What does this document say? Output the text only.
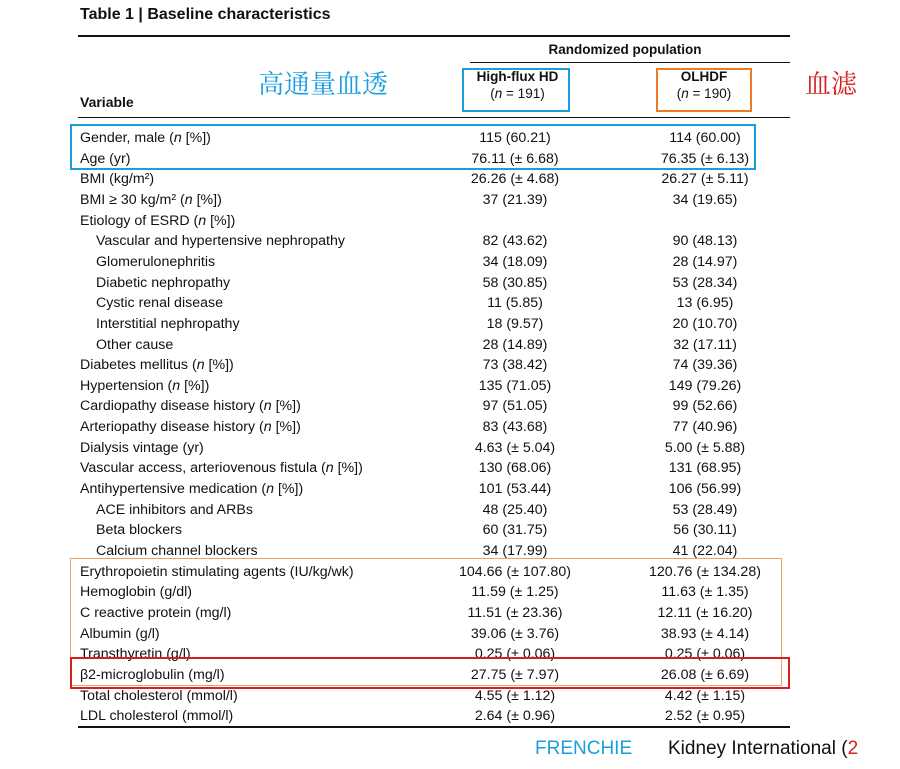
Table 1 | Baseline characteristics
Randomized population
High-flux HD
(n = 191)
OLHDF
(n = 190)
Variable
Gender, male (n [%])	115 (60.21)	114 (60.00)
Age (yr)	76.11 (± 6.68)	76.35 (± 6.13)
BMI (kg/m²)	26.26 (± 4.68)	26.27 (± 5.11)
BMI ≥ 30 kg/m² (n [%])	37 (21.39)	34 (19.65)
Etiology of ESRD (n [%])
Vascular and hypertensive nephropathy	82 (43.62)	90 (48.13)
Glomerulonephritis	34 (18.09)	28 (14.97)
Diabetic nephropathy	58 (30.85)	53 (28.34)
Cystic renal disease	11 (5.85)	13 (6.95)
Interstitial nephropathy	18 (9.57)	20 (10.70)
Other cause	28 (14.89)	32 (17.11)
Diabetes mellitus (n [%])	73 (38.42)	74 (39.36)
Hypertension (n [%])	135 (71.05)	149 (79.26)
Cardiopathy disease history (n [%])	97 (51.05)	99 (52.66)
Arteriopathy disease history (n [%])	83 (43.68)	77 (40.96)
Dialysis vintage (yr)	4.63 (± 5.04)	5.00 (± 5.88)
Vascular access, arteriovenous fistula (n [%])	130 (68.06)	131 (68.95)
Antihypertensive medication (n [%])	101 (53.44)	106 (56.99)
ACE inhibitors and ARBs	48 (25.40)	53 (28.49)
Beta blockers	60 (31.75)	56 (30.11)
Calcium channel blockers	34 (17.99)	41 (22.04)
Erythropoietin stimulating agents (IU/kg/wk)	104.66 (± 107.80)	120.76 (± 134.28)
Hemoglobin (g/dl)	11.59 (± 1.25)	11.63 (± 1.35)
C reactive protein (mg/l)	11.51 (± 23.36)	12.11 (± 16.20)
Albumin (g/l)	39.06 (± 3.76)	38.93 (± 4.14)
Transthyretin (g/l)	0.25 (± 0.06)	0.25 (± 0.06)
β2-microglobulin (mg/l)	27.75 (± 7.97)	26.08 (± 6.69)
Total cholesterol (mmol/l)	4.55 (± 1.12)	4.42 (± 1.15)
LDL cholesterol (mmol/l)	2.64 (± 0.96)	2.52 (± 0.95)
高通量血透	血滤
FRENCHIE Kidney International (2
